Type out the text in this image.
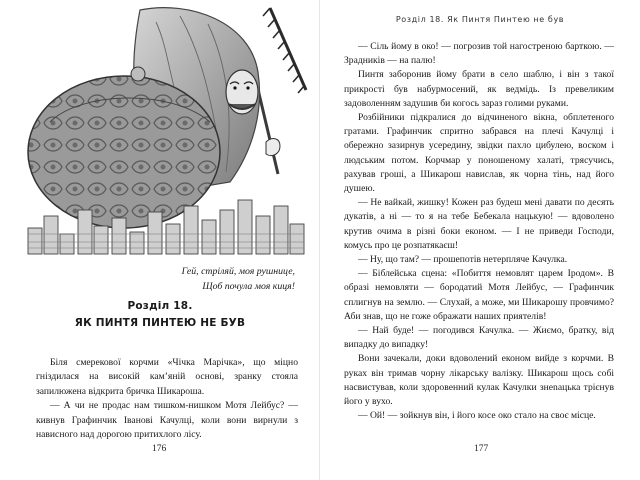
Гей, стріляй, моя рушнице,
Щоб почула моя киця!
Розділ 18.
ЯК ПИНТЯ ПИНТЕЮ НЕ БУВ

Біля смерекової корчми «Чічка Марічка», що міцно гніздилася на високій кам’яній основі, зранку стояла запилюжена відкрита бричка Шикароша.

— А чи не продас нам тишком-нишком Мотя Лейбус? — кивнув Графинчик Іванові Качулці, коли вони вирнули з нависного над дорогою притихлого лісу.

176
Розділ 18. Як Пинтя Пинтею не був

— Сіль йому в око! — погрозив той нагостреною барткою. — Зрадників — на палю!

Пинтя заборонив йому брати в село шаблю, і він з такої прикрості був набурмосений, як ведмідь. Із превеликим задоволенням задушив би когось зараз голими руками.

Розбійники підкралися до відчиненого вікна, обплетеного гратами. Графинчик спритно забрався на плечі Качулці і обережно зазирнув усередину, звідки пахло цибулею, воском і людським потом. Корчмар у поношеному халаті, трясучись, рахував гроші, а Шикарош навислав, як чорна тінь, над його душею.

— Не вайкай, жишку! Кожен раз будеш мені давати по десять дукатів, а ні — то я на тебе Бебекала нацькую! — вдоволено крутив очима в різні боки економ. — І не приведи Господи, комусь про це розпатякаєш!

— Ну, що там? — прошепотів нетерпляче Качулка.

— Біблейська сцена: «Побиття немовлят царем Іродом». В образі немовляти — бородатий Мотя Лейбус, — Графинчик сплигнув на землю. — Слухай, а може, ми Шикарошу провчимо? Аби знав, що не гоже ображати наших приятелів!

— Най буде! — погодився Качулка. — Жиємо, братку, від випадку до випадку!

Вони зачекали, доки вдоволений економ вийде з корчми. В руках він тримав чорну лікарську валізку. Шикарош щось собі насвистував, коли здоровенний кулак Качулки знenацька трієнув його у вухо.

— Ой! — зойкнув він, і його косе око стало на своє місце.

177
